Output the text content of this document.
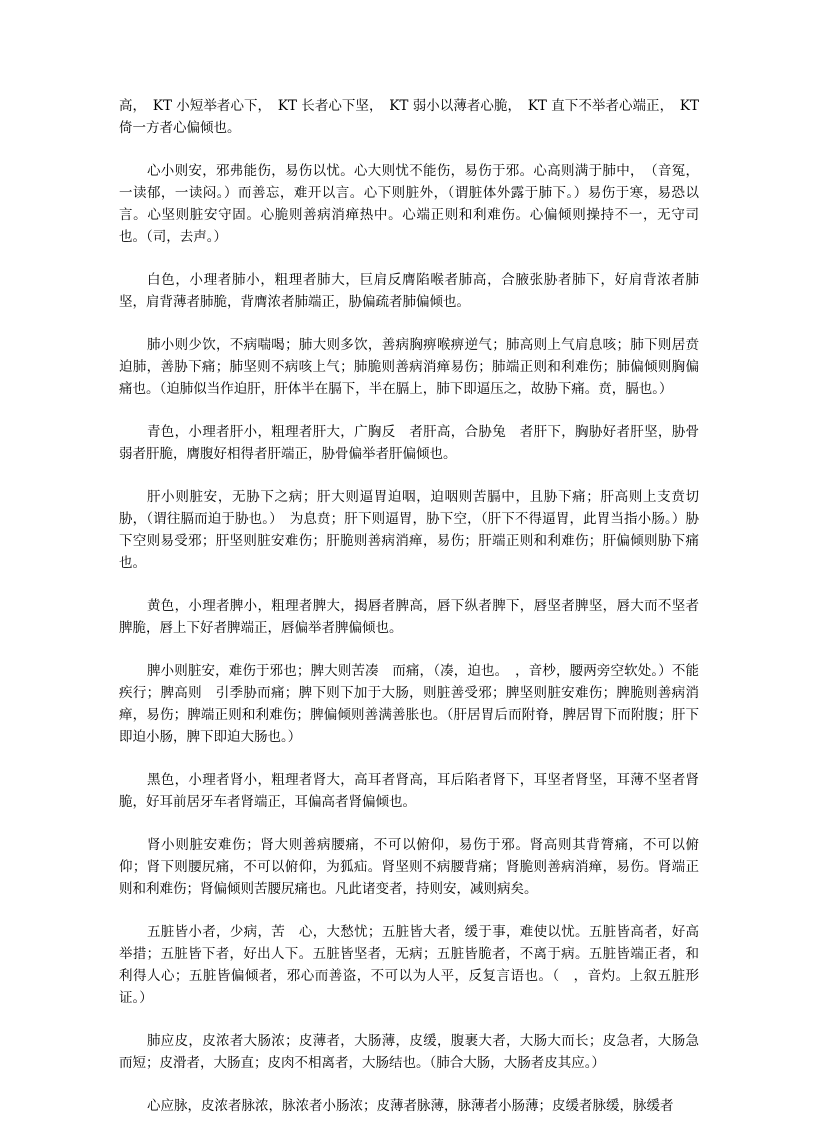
高，　KT 小短举者心下，　KT 长者心下坚，　KT 弱小以薄者心脆，　KT 直下不举者心端正，　KT 倚一方者心偏倾也。

心小则安，邪弗能伤，易伤以忧。心大则忧不能伤，易伤于邪。心高则满于肺中，　（音冤，一读郁，一读闷。）而善忘，难开以言。心下则脏外，（谓脏体外露于肺下。）易伤于寒，易恐以言。心坚则脏安守固。心脆则善病消瘅热中。心端正则和利难伤。心偏倾则操持不一，无守司也。（司，去声。）

白色，小理者肺小，粗理者肺大，巨肩反膺陷喉者肺高，合腋张胁者肺下，好肩背浓者肺坚，肩背薄者肺脆，背膺浓者肺端正，胁偏疏者肺偏倾也。

肺小则少饮，不病喘喝；肺大则多饮，善病胸痹喉痹逆气；肺高则上气肩息咳；肺下则居贲迫肺，善胁下痛；肺坚则不病咳上气；肺脆则善病消瘅易伤；肺端正则和利难伤；肺偏倾则胸偏痛也。（迫肺似当作迫肝，肝体半在膈下，半在膈上，肺下即逼压之，故胁下痛。贲，膈也。）

青色，小理者肝小，粗理者肝大，广胸反　者肝高，合胁兔　者肝下，胸胁好者肝坚，胁骨弱者肝脆，膺腹好相得者肝端正，胁骨偏举者肝偏倾也。

肝小则脏安，无胁下之病；肝大则逼胃迫咽，迫咽则苦膈中，且胁下痛；肝高则上支贲切胁，（谓往膈而迫于胁也。）　为息贲；肝下则逼胃，胁下空，（肝下不得逼胃，此胃当指小肠。）胁下空则易受邪；肝坚则脏安难伤；肝脆则善病消瘅，易伤；肝端正则和利难伤；肝偏倾则胁下痛也。

黄色，小理者脾小，粗理者脾大，揭唇者脾高，唇下纵者脾下，唇坚者脾坚，唇大而不坚者脾脆，唇上下好者脾端正，唇偏举者脾偏倾也。

脾小则脏安，难伤于邪也；脾大则苦凑　而痛，（凑，迫也。　，音杪，腰两旁空软处。）不能疾行；脾高则　引季胁而痛；脾下则下加于大肠，则脏善受邪；脾坚则脏安难伤；脾脆则善病消瘅，易伤；脾端正则和利难伤；脾偏倾则善满善胀也。（肝居胃后而附脊，脾居胃下而附腹；肝下即迫小肠，脾下即迫大肠也。）

黑色，小理者肾小，粗理者肾大，高耳者肾高，耳后陷者肾下，耳坚者肾坚，耳薄不坚者肾脆，好耳前居牙车者肾端正，耳偏高者肾偏倾也。

肾小则脏安难伤；肾大则善病腰痛，不可以俯仰，易伤于邪。肾高则其背膂痛，不可以俯仰；肾下则腰尻痛，不可以俯仰，为狐疝。肾坚则不病腰背痛；肾脆则善病消瘅，易伤。肾端正则和利难伤；肾偏倾则苦腰尻痛也。凡此诸变者，持则安，减则病矣。

五脏皆小者，少病，苦　心，大愁忧；五脏皆大者，缓于事，难使以忧。五脏皆高者，好高举措；五脏皆下者，好出人下。五脏皆坚者，无病；五脏皆脆者，不离于病。五脏皆端正者，和利得人心；五脏皆偏倾者，邪心而善盗，不可以为人平，反复言语也。（　，音灼。上叙五脏形证。）

肺应皮，皮浓者大肠浓；皮薄者，大肠薄，皮缓，腹裹大者，大肠大而长；皮急者，大肠急而短；皮滑者，大肠直；皮肉不相离者，大肠结也。（肺合大肠，大肠者皮其应。）

心应脉，皮浓者脉浓，脉浓者小肠浓；皮薄者脉薄，脉薄者小肠薄；皮缓者脉缓，脉缓者
